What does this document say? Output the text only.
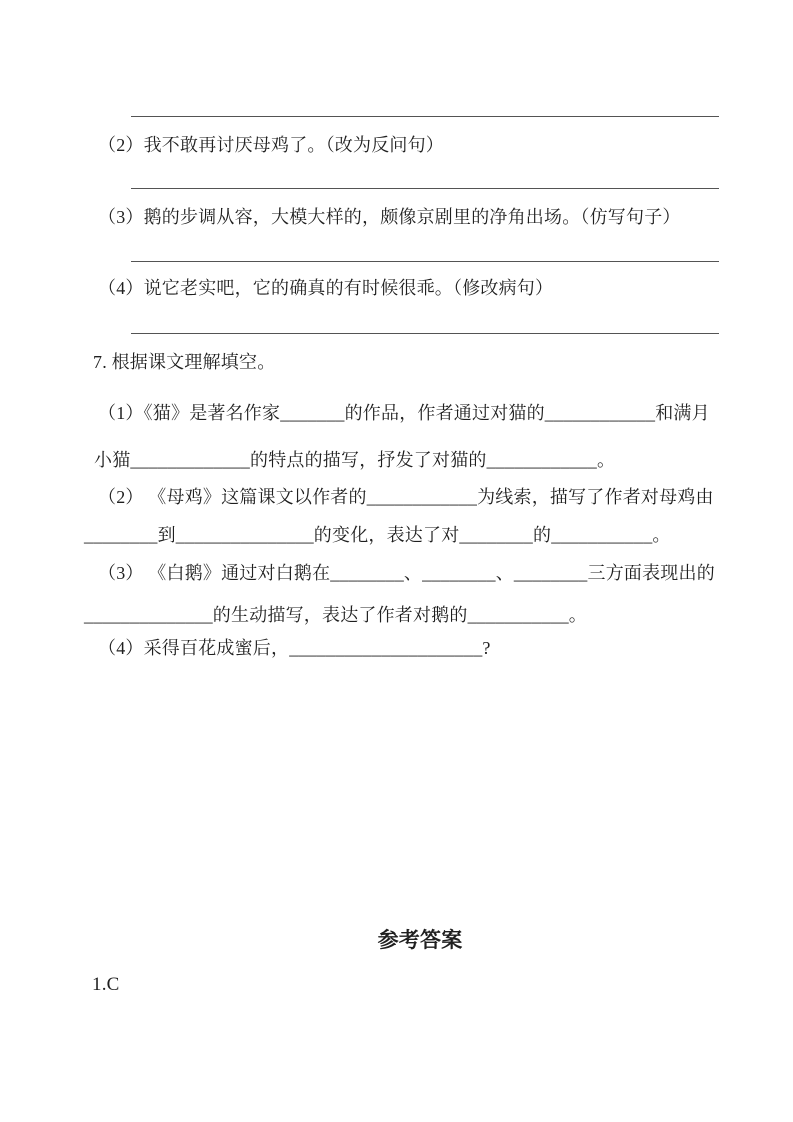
（2）我不敢再讨厌母鸡了。（改为反问句）
（3）鹅的步调从容，大模大样的，颇像京剧里的净角出场。（仿写句子）
（4）说它老实吧，它的确真的有时候很乖。（修改病句）
7. 根据课文理解填空。
（1）《猫》是著名作家_______的作品，作者通过对猫的____________和满月
小猫_____________的特点的描写，抒发了对猫的____________。
（2） 《母鸡》这篇课文以作者的____________为线索，描写了作者对母鸡由
________到_______________的变化，表达了对________的___________。
（3） 《白鹅》通过对白鹅在________、________、________三方面表现出的
______________的生动描写，表达了作者对鹅的___________。
（4）采得百花成蜜后，_____________________?
参考答案
1.C
